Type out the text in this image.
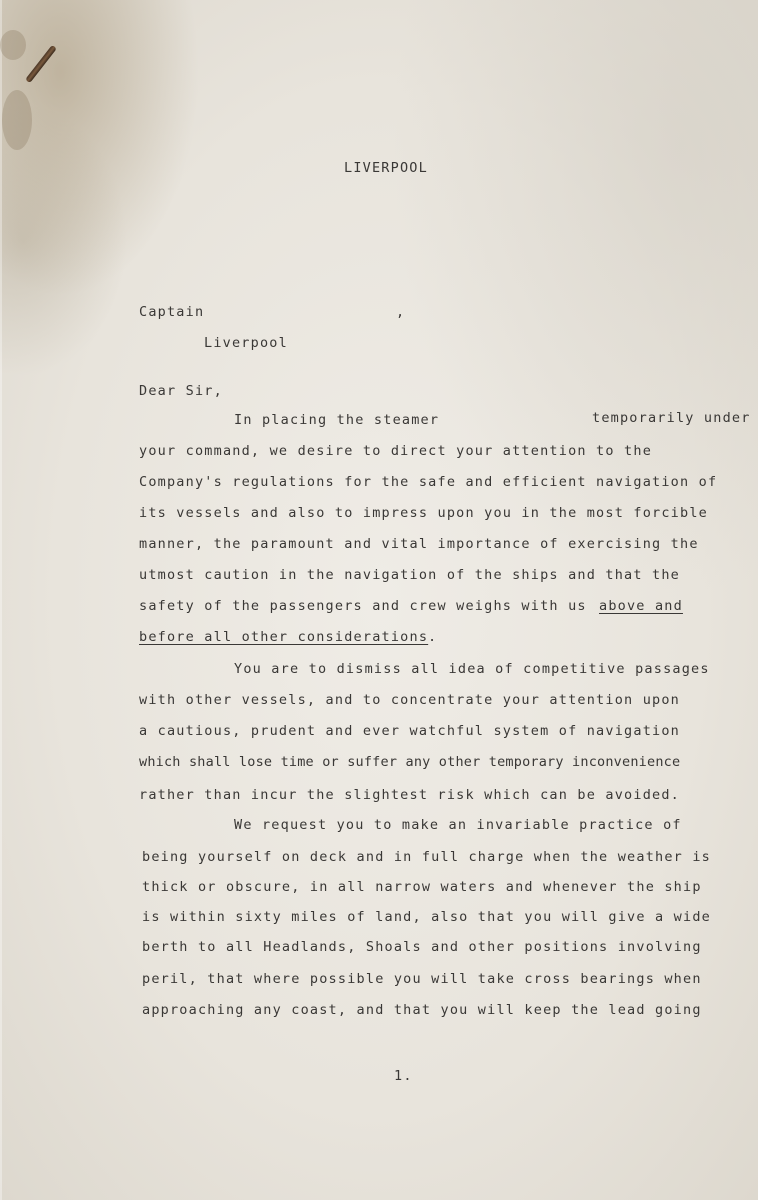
LIVERPOOL
Captain	,
Liverpool
Dear Sir,
In placing the steamer	temporarily under
your command, we desire to direct your attention to the
Company's regulations for the safe and efficient navigation of
its vessels and also to impress upon you in the most forcible
manner, the paramount and vital importance of exercising the
utmost caution in the navigation of the ships and that the
safety of the passengers and crew weighs with us above and
before all other considerations .
You are to dismiss all idea of competitive passages
with other vessels, and to concentrate your attention upon
a cautious, prudent and ever watchful system of navigation
which shall lose time or suffer any other temporary inconvenience
rather than incur the slightest risk which can be avoided.
We request you to make an invariable practice of
being yourself on deck and in full charge when the weather is
thick or obscure, in all narrow waters and whenever the ship
is within sixty miles of land, also that you will give a wide
berth to all Headlands, Shoals and other positions involving
peril, that where possible you will take cross bearings when
approaching any coast, and that you will keep the lead going
1.
